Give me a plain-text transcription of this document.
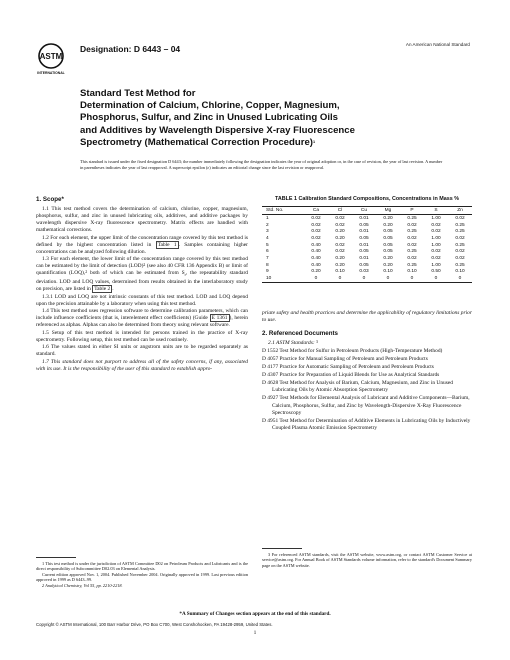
ASTM
INTERNATIONAL
Designation: D 6443 – 04	An American National Standard
Standard Test Method for
Determination of Calcium, Chlorine, Copper, Magnesium,
Phosphorus, Sulfur, and Zinc in Unused Lubricating Oils
and Additives by Wavelength Dispersive X-ray Fluorescence
Spectrometry (Mathematical Correction Procedure)$^1$
This standard is issued under the fixed designation D 6443; the number immediately following the designation indicates the year of original adoption or, in the case of revision, the year of last revision. A number in parentheses indicates the year of last reapproval. A superscript epsilon (ε) indicates an editorial change since the last revision or reapproval.
1. Scope*

1.1 This test method covers the determination of calcium, chlorine, copper, magnesium, phosphorus, sulfur, and zinc in unused lubricating oils, additives, and additive packages by wavelength dispersive X-ray fluorescence spectrometry. Matrix effects are handled with mathematical corrections.

1.2 For each element, the upper limit of the concentration range covered by this test method is defined by the highest concentration listed in Table 1 . Samples containing higher concentrations can be analyzed following dilution.

1.3 For each element, the lower limit of the concentration range covered by this test method can be estimated by the limit of detection (LOD)$^2$ (see also 40 CFR 136 Appendix B) or limit of quantification (LOQ),$^2$ both of which can be estimated from $S_r$, the repeatability standard deviation. LOD and LOQ values, determined from results obtained in the interlaboratory study on precision, are listed in Table 2 .

1.3.1 LOD and LOQ are not intrinsic constants of this test method. LOD and LOQ depend upon the precision attainable by a laboratory when using this test method.

1.4 This test method uses regression software to determine calibration parameters, which can include influence coefficients (that is, interelement effect coefficients) (Guide E 1361 ), herein referenced as alphas. Alphas can also be determined from theory using relevant software.

1.5 Setup of this test method is intended for persons trained in the practice of X-ray spectrometry. Following setup, this test method can be used routinely.

1.6 The values stated in either SI units or angstrom units are to be regarded separately as standard.

1.7 This standard does not purport to address all of the safety concerns, if any, associated with its use. It is the responsibility of the user of this standard to establish appro-

TABLE 1 Calibration Standard Compositions, Concentrations in Mass %
Std. No.	Ca	Cl	Cu	Mg	P	S	Zn
1	0.02	0.02	0.01	0.20	0.25	1.00	0.02
2	0.02	0.02	0.05	0.20	0.02	0.02	0.25
3	0.02	0.20	0.01	0.05	0.25	0.02	0.25
4	0.02	0.20	0.05	0.05	0.02	1.00	0.02
5	0.40	0.02	0.01	0.05	0.02	1.00	0.25
6	0.40	0.02	0.05	0.05	0.25	0.02	0.02
7	0.40	0.20	0.01	0.20	0.02	0.02	0.02
8	0.40	0.20	0.05	0.20	0.25	1.00	0.25
9	0.20	0.10	0.03	0.10	0.10	0.50	0.10
10	0	0	0	0	0	0	0

priate safety and health practices and determine the applicability of regulatory limitations prior to use.

2. Referenced Documents

2.1 ASTM Standards: $^3$

D 1552 Test Method for Sulfur in Petroleum Products (High-Temperature Method)
D 4057 Practice for Manual Sampling of Petroleum and Petroleum Products
D 4177 Practice for Automatic Sampling of Petroleum and Petroleum Products
D 4307 Practice for Preparation of Liquid Blends for Use as Analytical Standards
D 4628 Test Method for Analysis of Barium, Calcium, Magnesium, and Zinc in Unused Lubricating Oils by Atomic Absorption Spectrometry
D 4927 Test Methods for Elemental Analysis of Lubricant and Additive Components—Barium, Calcium, Phosphorus, Sulfur, and Zinc by Wavelength-Dispersive X-Ray Fluorescence Spectroscopy
D 4951 Test Method for Determination of Additive Elements in Lubricating Oils by Inductively Coupled Plasma Atomic Emission Spectrometry

1 This test method is under the jurisdiction of ASTM Committee D02 on Petroleum Products and Lubricants and is the direct responsibility of Subcommittee D02.03 on Elemental Analysis.

Current edition approved Nov. 1, 2004. Published November 2004. Originally approved in 1999. Last previous edition approved in 1999 as D 6443–99.

2 Analytical Chemistry, Vol 55, pp. 2210-2218.

3 For referenced ASTM standards, visit the ASTM website, www.astm.org, or contact ASTM Customer Service at service@astm.org. For Annual Book of ASTM Standards volume information, refer to the standard's Document Summary page on the ASTM website.

*A Summary of Changes section appears at the end of this standard.
Copyright © ASTM International, 100 Barr Harbor Drive, PO Box C700, West Conshohocken, PA 19428-2959, United States.
1
